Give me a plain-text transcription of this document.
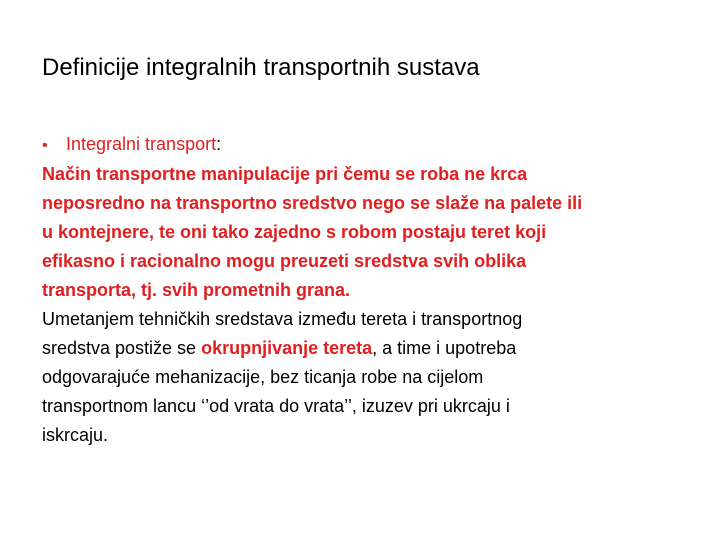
Definicije integralnih transportnih sustava
•	Integralni transport :
Način transportne manipulacije pri čemu se roba ne krca
neposredno na transportno sredstvo nego se slaže na palete ili
u kontejnere, te oni tako zajedno s robom postaju teret koji
efikasno i racionalno mogu preuzeti sredstva svih oblika
transporta, tj. svih prometnih grana.
Umetanjem tehničkih sredstava između tereta i transportnog
sredstva postiže se okrupnjivanje tereta, a time i upotreba
odgovarajuće mehanizacije, bez ticanja robe na cijelom
transportnom lancu ‘’od vrata do vrata’’, izuzev pri ukrcaju i
iskrcaju.
